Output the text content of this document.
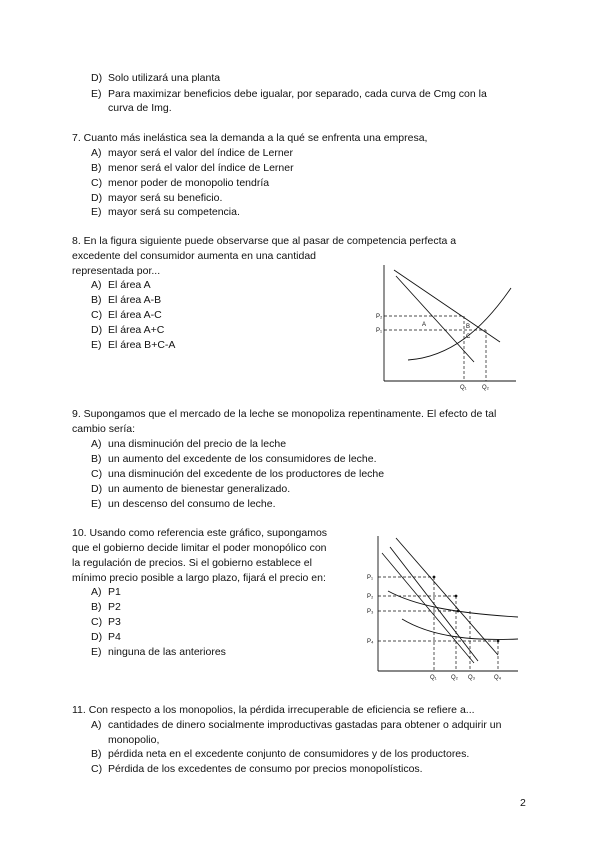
D) Solo utilizará una planta
E) Para maximizar beneficios debe igualar, por separado, cada curva de Cmg con la
curva de Img.
7. Cuanto más inelástica sea la demanda a la qué se enfrenta una empresa,
A) mayor será el valor del índice de Lerner
B) menor será el valor del índice de Lerner
C) menor poder de monopolio tendría
D) mayor será su beneficio.
E) mayor será su competencia.
8. En la figura siguiente puede observarse que al pasar de competencia perfecta a
excedente del consumidor aumenta en una cantidad
representada por...
A) El área A
B) El área A-B
C) El área A-C
D) El área A+C
E) El área B+C-A
P₂
P₁
Q₁	Q₂
A	B
C
9. Supongamos que el mercado de la leche se monopoliza repentinamente. El efecto de tal
cambio sería:
A) una disminución del precio de la leche
B) un aumento del excedente de los consumidores de leche.
C) una disminución del excedente de los productores de leche
D) un aumento de bienestar generalizado.
E) un descenso del consumo de leche.
10. Usando como referencia este gráfico, supongamos
que el gobierno decide limitar el poder monopólico con
la regulación de precios. Si el gobierno establece el
mínimo precio posible a largo plazo, fijará el precio en:
A) P1
B) P2
C) P3
D) P4
E) ninguna de las anteriores
P₁
P₂
P₃
P₄
Q₁ Q₂ Q₃	Q₄
11. Con respecto a los monopolios, la pérdida irrecuperable de eficiencia se refiere a...
A) cantidades de dinero socialmente improductivas gastadas para obtener o adquirir un
monopolio,
B) pérdida neta en el excedente conjunto de consumidores y de los productores.
C) Pérdida de los excedentes de consumo por precios monopolísticos.
2
